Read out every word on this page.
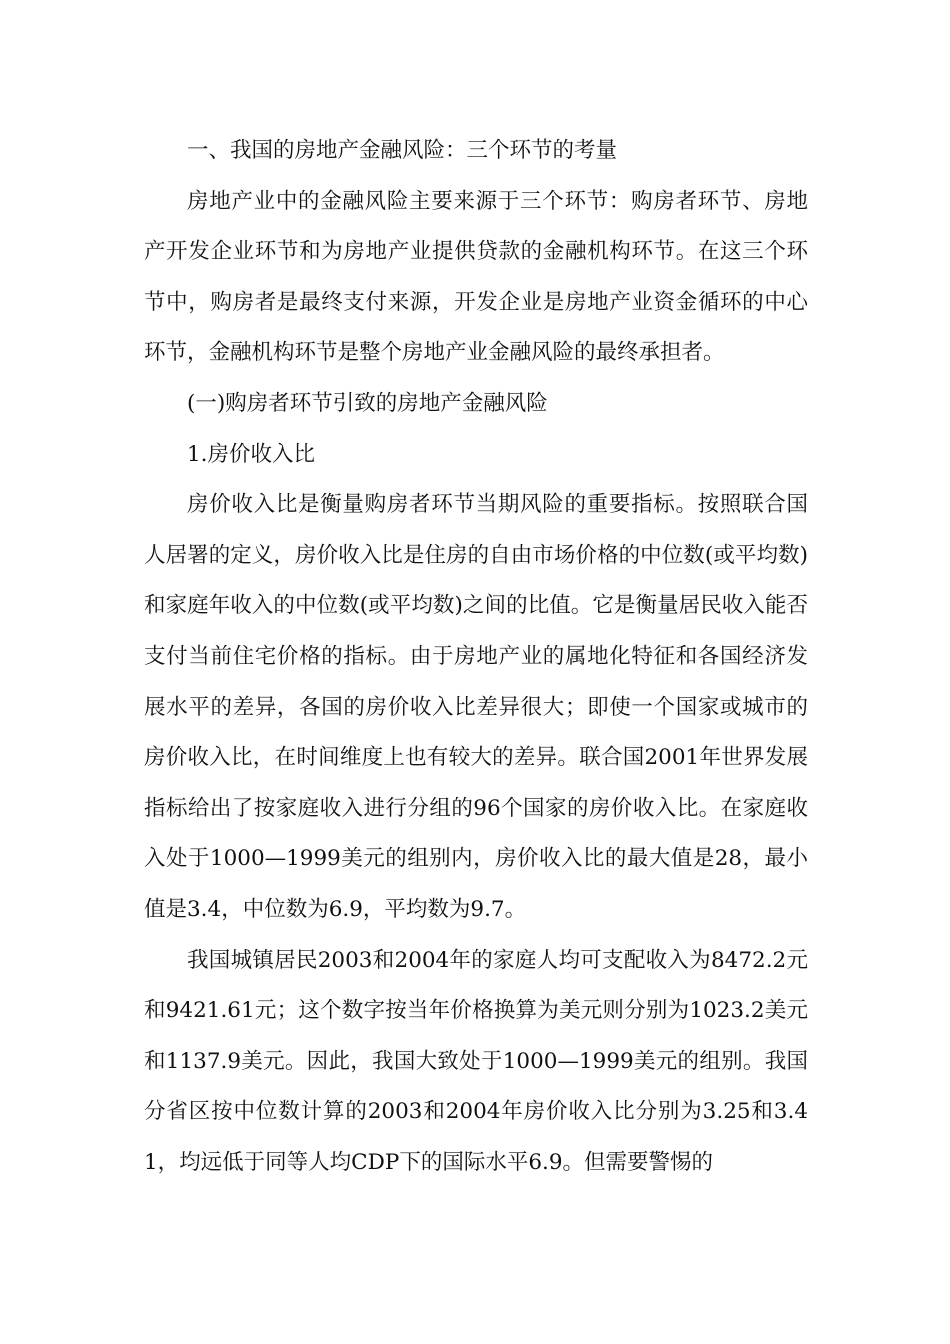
一、我国的房地产金融风险：三个环节的考量

房地产业中的金融风险主要来源于三个环节：购房者环节、房地产开发企业环节和为房地产业提供贷款的金融机构环节。在这三个环节中，购房者是最终支付来源，开发企业是房地产业资金循环的中心环节，金融机构环节是整个房地产业金融风险的最终承担者。

(一)购房者环节引致的房地产金融风险

1.房价收入比

房价收入比是衡量购房者环节当期风险的重要指标。按照联合国人居署的定义，房价收入比是住房的自由市场价格的中位数(或平均数)和家庭年收入的中位数(或平均数)之间的比值。它是衡量居民收入能否支付当前住宅价格的指标。由于房地产业的属地化特征和各国经济发展水平的差异，各国的房价收入比差异很大；即使一个国家或城市的房价收入比，在时间维度上也有较大的差异。联合国2001年世界发展指标给出了按家庭收入进行分组的96个国家的房价收入比。在家庭收入处于1000—1999美元的组别内，房价收入比的最大值是28，最小值是3.4，中位数为6.9，平均数为9.7。

我国城镇居民2003和2004年的家庭人均可支配收入为8472.2元和9421.61元；这个数字按当年价格换算为美元则分别为1023.2美元和1137.9美元。因此，我国大致处于1000—1999美元的组别。我国分省区按中位数计算的2003和2004年房价收入比分别为3.25和3.41，均远低于同等人均CDP下的国际水平6.9。但需要警惕的
